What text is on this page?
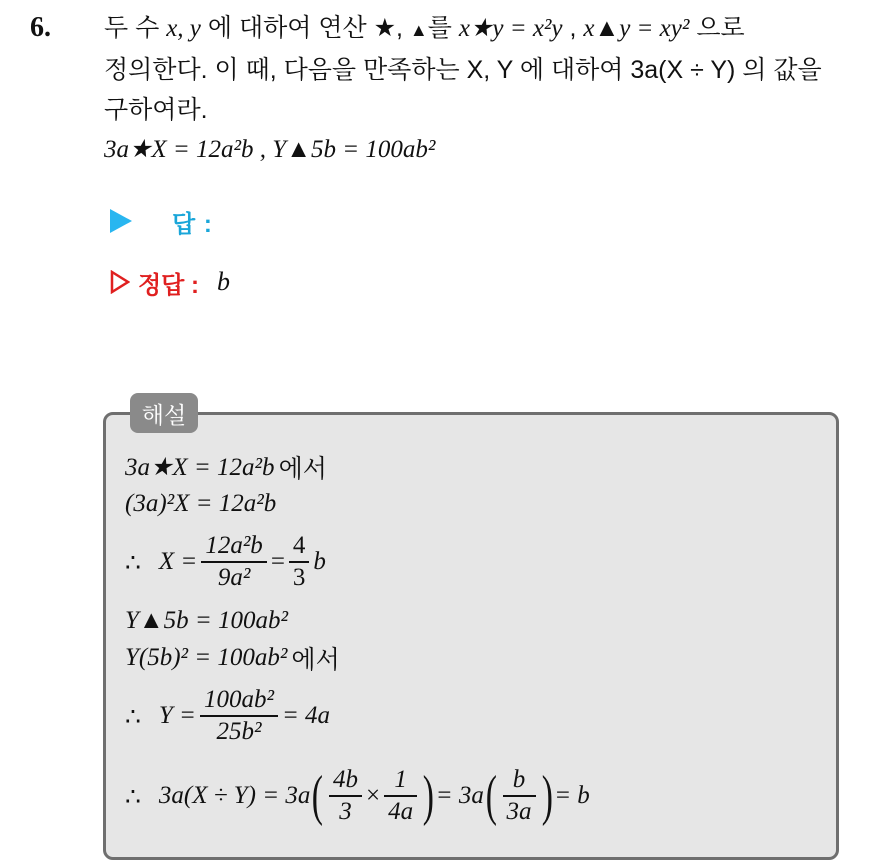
6. 두 수 x, y 에 대하여 연산 ★, ▲를 x★y = x²y , x▲y = xy² 으로
정의한다. 이 때, 다음을 만족하는 X, Y 에 대하여 3a(X ÷ Y) 의 값을
구하여라.
3a★X = 12a²b , Y▲5b = 100ab²
답 :
정답 : b
해설
3a★X = 12a²b 에서
(3a)²X = 12a²b
∴ $X = \frac{\text{12a²b}}{\text{9a²}} = \frac{4}{3}$ b
Y▲5b = 100ab²
Y(5b)² = 100ab² 에서
∴ $Y = \frac{\text{100ab²}}{\text{25b²}} = 4a$
∴ 3a(X ÷ Y) = 3a ( $\frac{4b}{3} \times \frac{1}{4a}$ ) = 3a ( $\frac{b}{3a}$ ) = b
